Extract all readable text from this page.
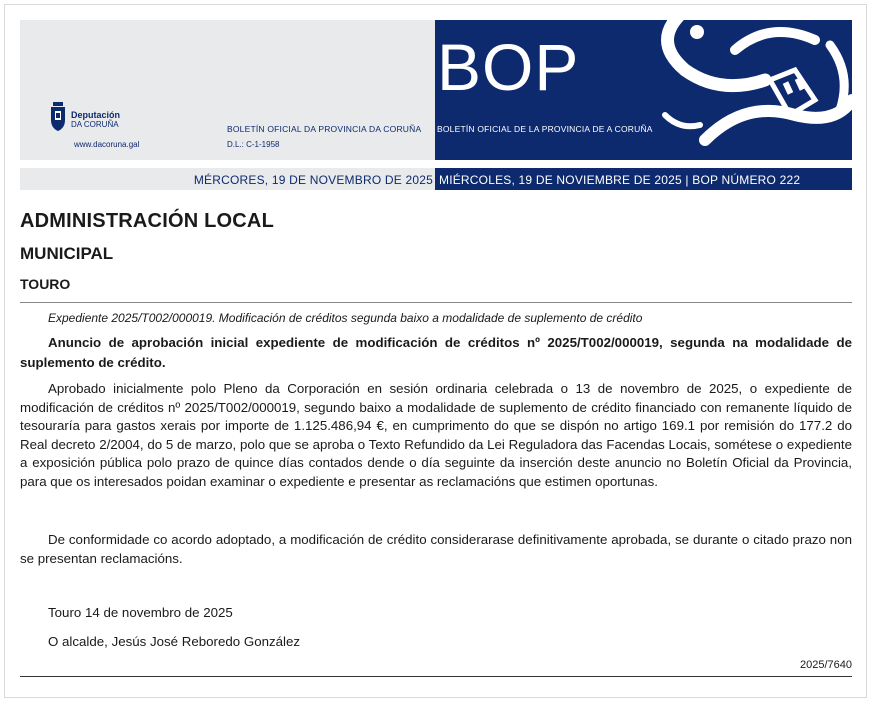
Deputación
DA CORUÑA
www.dacoruna.gal
BOLETÍN OFICIAL DA PROVINCIA DA CORUÑA
D.L.: C-1-1958
BOP
BOLETÍN OFICIAL DE LA PROVINCIA DE A CORUÑA
MÉRCORES, 19 DE NOVEMBRO DE 2025 MIÉRCOLES, 19 DE NOVIEMBRE DE 2025 | BOP NÚMERO 222
ADMINISTRACIÓN LOCAL
MUNICIPAL
TOURO
Expediente 2025/T002/000019. Modificación de créditos segunda baixo a modalidade de suplemento de crédito
Anuncio de aprobación inicial expediente de modificación de créditos nº 2025/T002/000019, segunda na modalidade de suplemento de crédito.
Aprobado inicialmente polo Pleno da Corporación en sesión ordinaria celebrada o 13 de novembro de 2025, o expediente de modificación de créditos nº 2025/T002/000019, segundo baixo a modalidade de suplemento de crédito financiado con remanente líquido de tesouraría para gastos xerais por importe de 1.125.486,94 €, en cumprimento do que se dispón no artigo 169.1 por remisión do 177.2 do Real decreto 2/2004, do 5 de marzo, polo que se aproba o Texto Refundido da Lei Reguladora das Facendas Locais, sométese o expediente a exposición pública polo prazo de quince días contados dende o día seguinte da inserción deste anuncio no Boletín Oficial da Provincia, para que os interesados poidan examinar o expediente e presentar as reclamacións que estimen oportunas.
De conformidade co acordo adoptado, a modificación de crédito considerarase definitivamente aprobada, se durante o citado prazo non se presentan reclamacións.
Touro 14 de novembro de 2025
O alcalde, Jesús José Reboredo González
2025/7640
